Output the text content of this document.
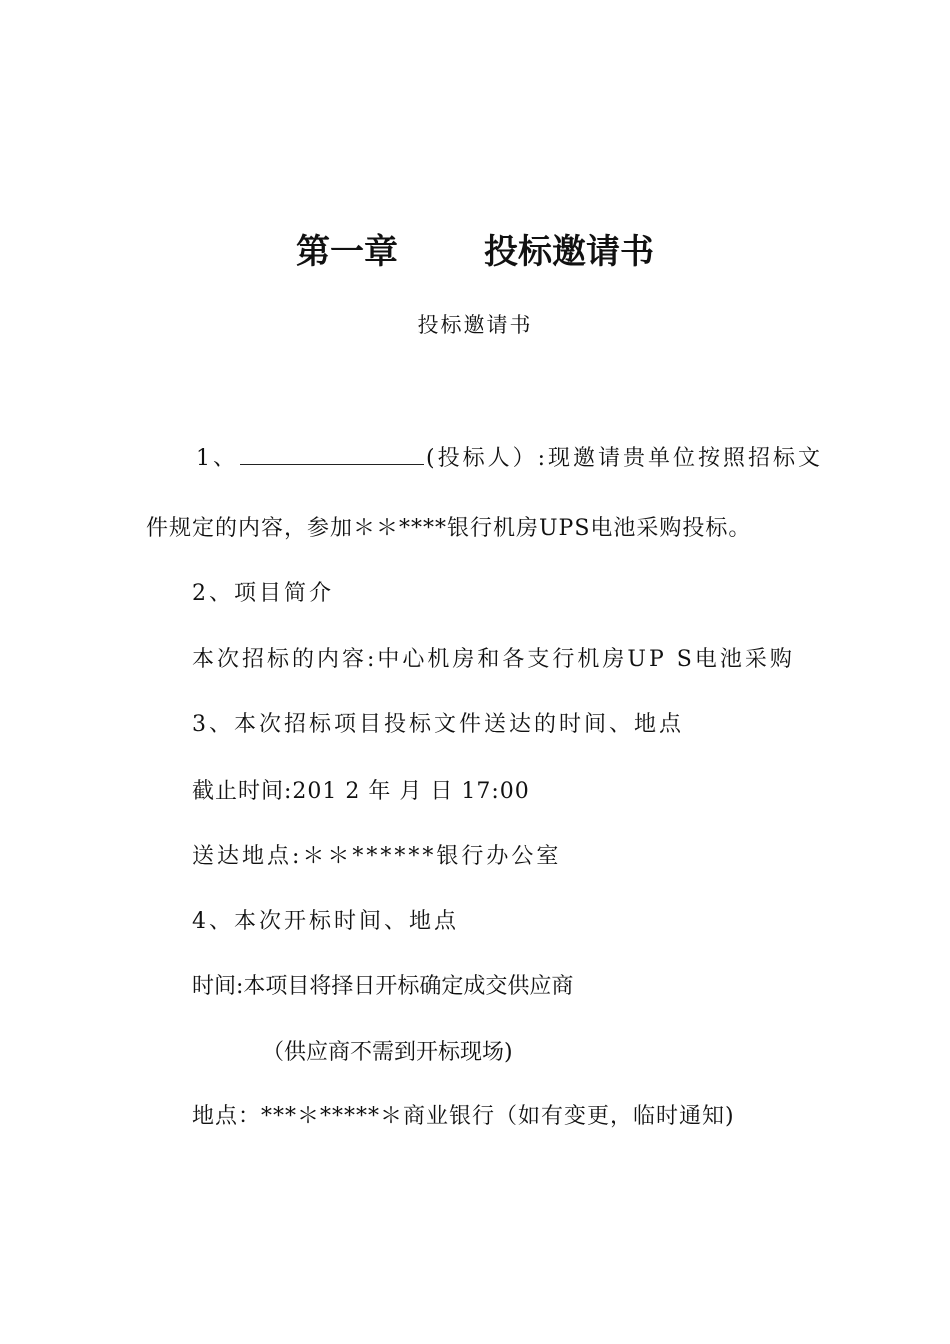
第一章	投标邀请书
投标邀请书
1、	(投标人）:现邀请贵单位按照招标文
件规定的内容，参加＊＊****银行机房UPS电池采购投标。
2、项目简介
本次招标的内容:中心机房和各支行机房UP S电池采购
3、本次招标项目投标文件送达的时间、地点
截止时间:201 2 年 月 日 17:00
送达地点:＊＊******银行办公室
4、本次开标时间、地点
时间:本项目将择日开标确定成交供应商
（供应商不需到开标现场)
地点：***＊*****＊商业银行（如有变更，临时通知)
